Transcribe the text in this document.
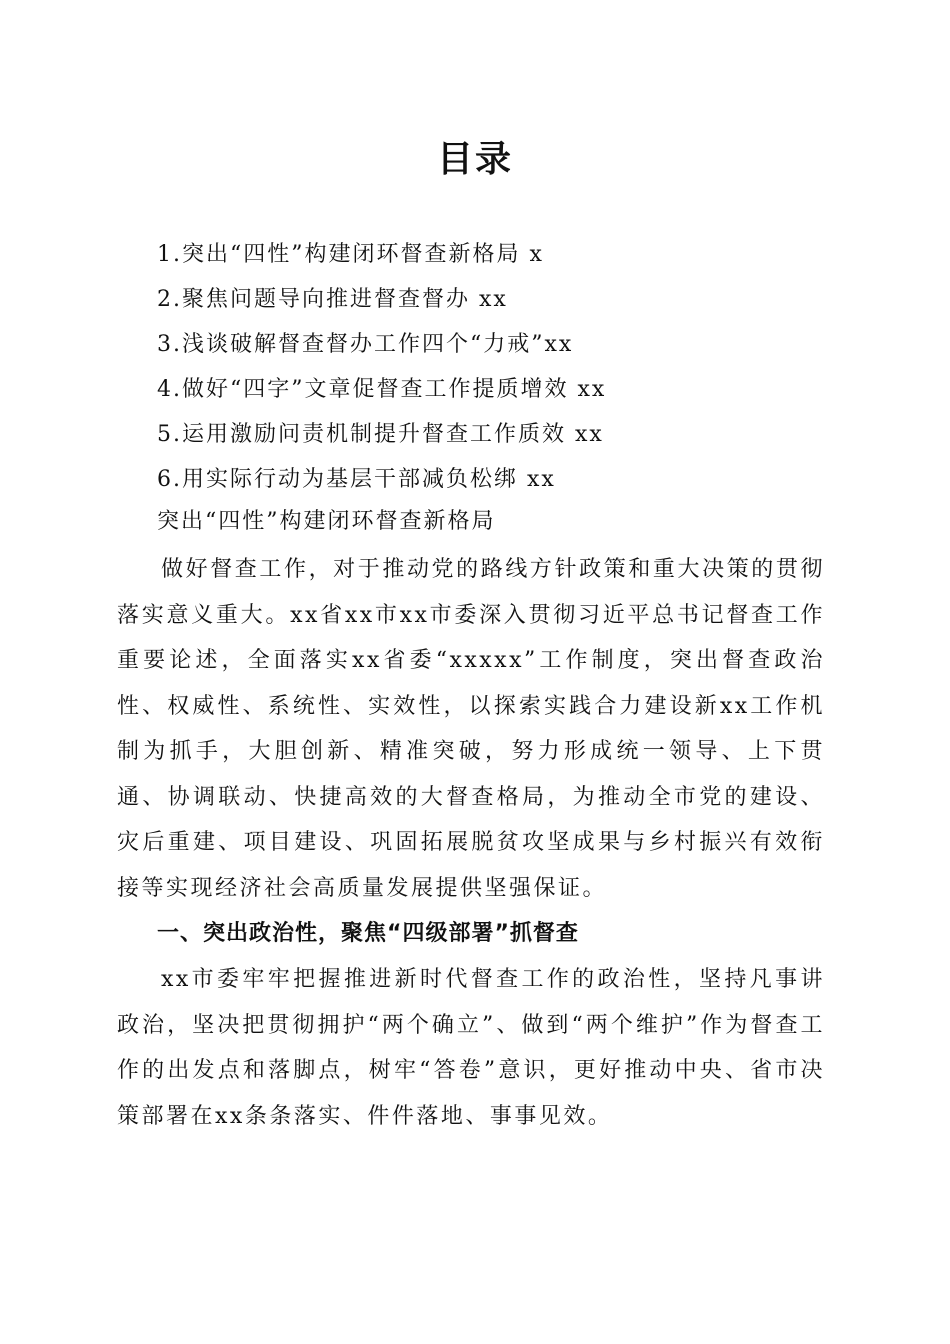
目录
1.突出“四性”构建闭环督查新格局 x
2.聚焦问题导向推进督查督办 xx
3.浅谈破解督查督办工作四个“力戒”xx
4.做好“四字”文章促督查工作提质增效 xx
5.运用激励问责机制提升督查工作质效 xx
6.用实际行动为基层干部减负松绑 xx
突出“四性”构建闭环督查新格局

做好督查工作，对于推动党的路线方针政策和重大决策的贯彻落实意义重大。xx省xx市xx市委深入贯彻习近平总书记督查工作重要论述，全面落实xx省委“xxxxx”工作制度，突出督查政治性、权威性、系统性、实效性，以探索实践合力建设新xx工作机制为抓手，大胆创新、精准突破，努力形成统一领导、上下贯通、协调联动、快捷高效的大督查格局，为推动全市党的建设、灾后重建、项目建设、巩固拓展脱贫攻坚成果与乡村振兴有效衔接等实现经济社会高质量发展提供坚强保证。

一、突出政治性，聚焦“四级部署”抓督查

xx市委牢牢把握推进新时代督查工作的政治性，坚持凡事讲政治，坚决把贯彻拥护“两个确立”、做到“两个维护”作为督查工作的出发点和落脚点，树牢“答卷”意识，更好推动中央、省市决策部署在xx条条落实、件件落地、事事见效。
